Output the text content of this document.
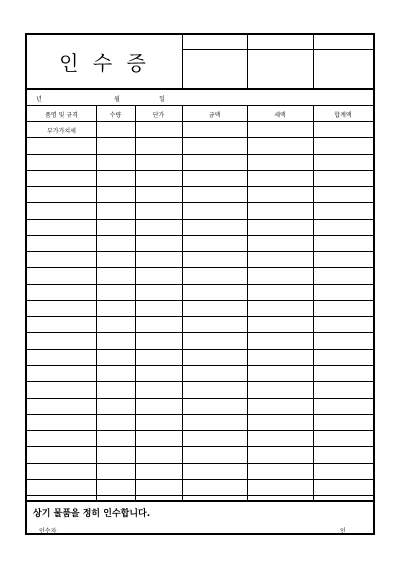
인 수 증
년	월	일
품명 및 규격	수량	단가	금액	세액	합계액
부가가치세
상기 물품을 정히 인수합니다.
인수자	인
